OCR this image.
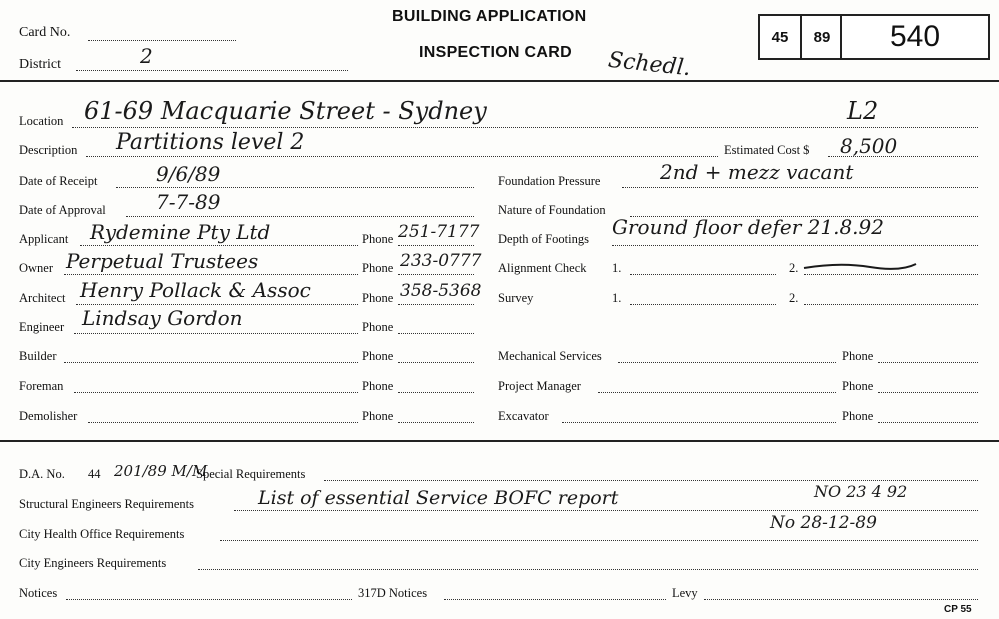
Card No.
District	2
BUILDING APPLICATION
INSPECTION CARD Schedl.
45	89	540
Location 61-69 Macquarie Street - Sydney	L2
Description Partitions level 2	Estimated Cost $ 8,500
Date of Receipt	9/6/89	Foundation Pressure	2nd + mezz vacant
Date of Approval	7-7-89	Nature of Foundation
Applicant Rydemine Pty Ltd	Phone 251-7177 Depth of Footings Ground floor defer 21.8.92
Owner Perpetual Trustees	Phone 233-0777 Alignment Check 1.	2.
Architect Henry Pollack & Assoc	Phone 358-5368 Survey	1.	2.
Engineer Lindsay Gordon	Phone
Builder	Phone	Mechanical Services	Phone
Foreman	Phone	Project Manager	Phone
Demolisher	Phone	Excavator	Phone
D.A. No. 44 201/89 M/M
Special Requirements
Structural Engineers Requirements	List of essential Service BOFC report	NO 23 4 92
City Health Office Requirements
No 28-12-89
City Engineers Requirements
Notices	317D Notices	Levy
CP 55
